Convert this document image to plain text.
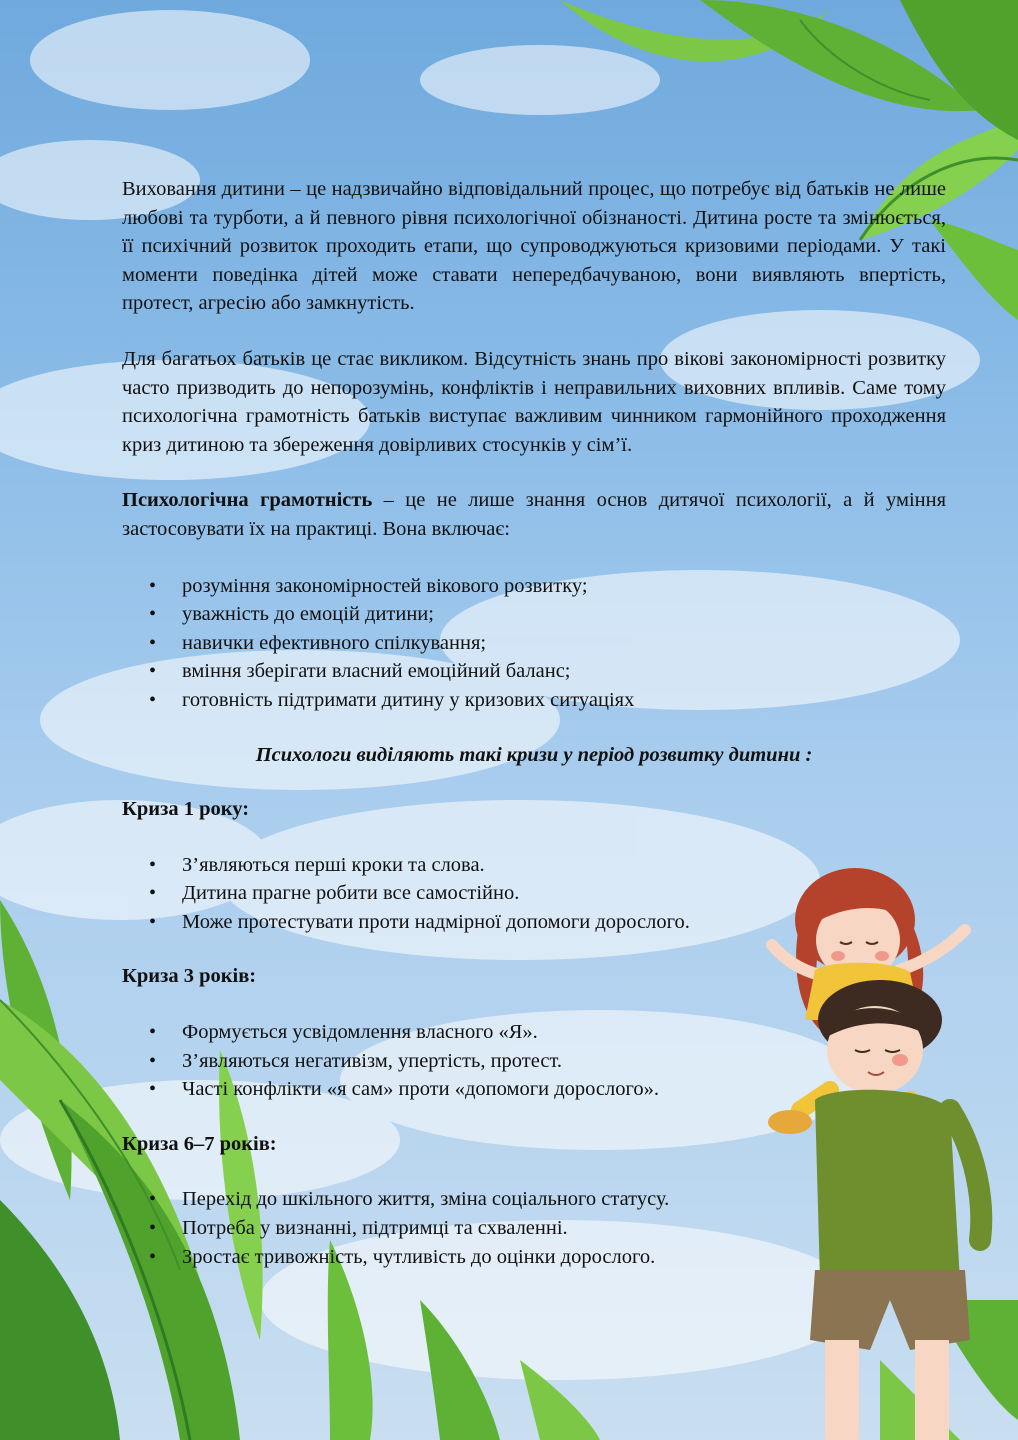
Виховання дитини – це надзвичайно відповідальний процес, що потребує від батьків не лише любові та турботи, а й певного рівня психологічної обізнаності. Дитина росте та змінюється, її психічний розвиток проходить етапи, що супроводжуються кризовими періодами. У такі моменти поведінка дітей може ставати непередбачуваною, вони виявляють впертість, протест, агресію або замкнутість.

Для багатьох батьків це стає викликом. Відсутність знань про вікові закономірності розвитку часто призводить до непорозумінь, конфліктів і неправильних виховних впливів. Саме тому психологічна грамотність батьків виступає важливим чинником гармонійного проходження криз дитиною та збереження довірливих стосунків у сім’ї.

Психологічна грамотність – це не лише знання основ дитячої психології, а й уміння застосовувати їх на практиці. Вона включає:

• розуміння закономірностей вікового розвитку;
• уважність до емоцій дитини;
• навички ефективного спілкування;
• вміння зберігати власний емоційний баланс;
• готовність підтримати дитину у кризових ситуаціях

Психологи виділяють такі кризи у період розвитку дитини :

Криза 1 року:

• З’являються перші кроки та слова.
• Дитина прагне робити все самостійно.
• Може протестувати проти надмірної допомоги дорослого.

Криза 3 років:

• Формується усвідомлення власного «Я».
• З’являються негативізм, упертість, протест.
• Часті конфлікти «я сам» проти «допомоги дорослого».

Криза 6–7 років:

• Перехід до шкільного життя, зміна соціального статусу.
• Потреба у визнанні, підтримці та схваленні.
• Зростає тривожність, чутливість до оцінки дорослого.
